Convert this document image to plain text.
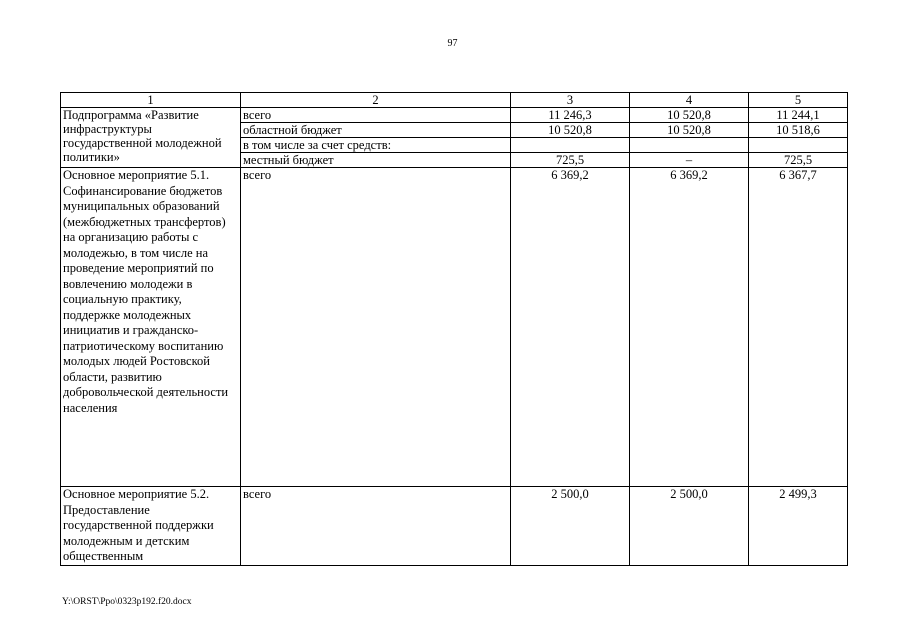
97
1	2	3	4	5
Подпрограмма «Развитие инфраструктуры государственной молодежной политики»	всего	11 246,3	10 520,8	11 244,1
	областной бюджет	10 520,8	10 520,8	10 518,6
	в том числе за счет средств:			
	местный бюджет	725,5	–	725,5
Основное мероприятие 5.1. Софинансирование бюджетов муниципальных образований (межбюджетных трансфертов) на организацию работы с молодежью, в том числе на проведение мероприятий по вовлечению молодежи в социальную практику, поддержке молодежных инициатив и гражданско-патриотическому воспитанию молодых людей Ростовской области, развитию добровольческой деятельности населения	всего	6 369,2	6 369,2	6 367,7
Основное мероприятие 5.2. Предоставление государственной поддержки молодежным и детским общественным	всего	2 500,0	2 500,0	2 499,3
Y:\ORST\Ppo\0323p192.f20.docx
